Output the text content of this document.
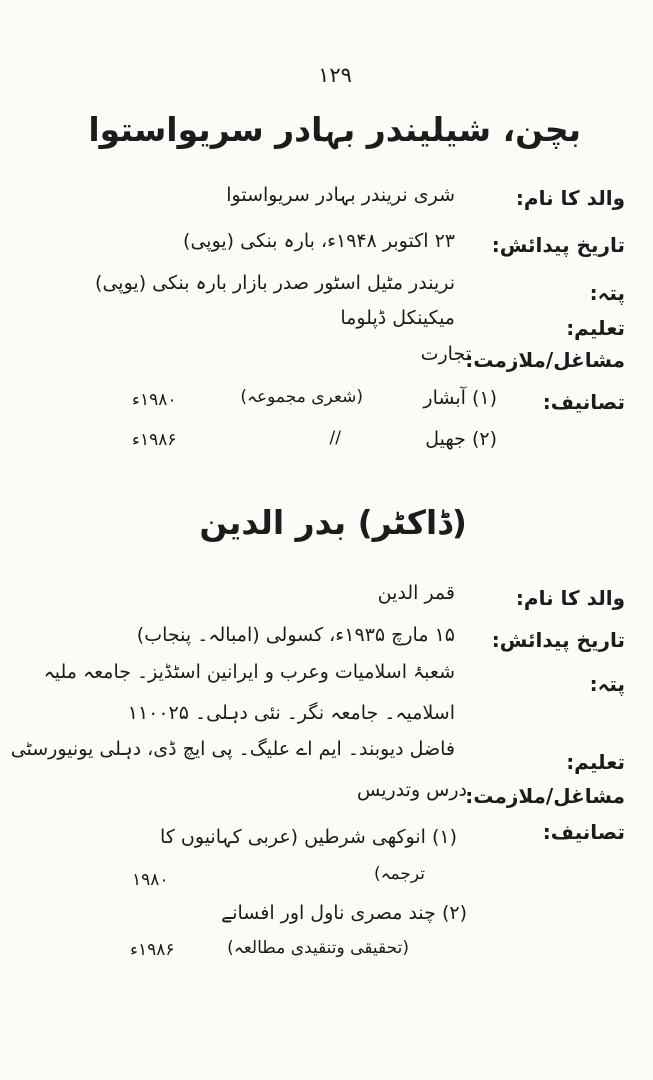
۱۲۹
بچن، شیلیندر بہادر سریواستوا
والد کا نام:
شری نریندر بہادر سریواستوا
تاریخ پیدائش:
۲۳ اکتوبر ۱۹۴۸ء، بارہ بنکی (یوپی)
پتہ:
نریندر مٹیل اسٹور صدر بازار بارہ بنکی (یوپی)
تعلیم:
میکینکل ڈپلوما
مشاغل/ملازمت:
تجارت
تصانیف:
(۱) آبشار
(شعری مجموعہ)
۱۹۸۰ء
(۲) جھیل
//
۱۹۸۶ء
(ڈاکٹر) بدر الدین
والد کا نام:
قمر الدین
تاریخ پیدائش:
۱۵ مارچ ۱۹۳۵ء، کسولی (امبالہ۔ پنجاب)
پتہ:
شعبۂ اسلامیات وعرب و ایرانین اسٹڈیز۔ جامعہ ملیہ
اسلامیہ۔ جامعہ نگر۔ نئی دہلی۔ ۱۱۰۰۲۵
تعلیم:
فاضل دیوبند۔ ایم اے علیگ۔ پی ایچ ڈی، دہلی یونیورسٹی
مشاغل/ملازمت:
درس وتدریس
تصانیف:
(۱) انوکھی شرطیں (عربی کہانیوں کا
ترجمہ)
۱۹۸۰
(۲) چند مصری ناول اور افسانے
(تحقیقی وتنقیدی مطالعہ)
۱۹۸۶ء
